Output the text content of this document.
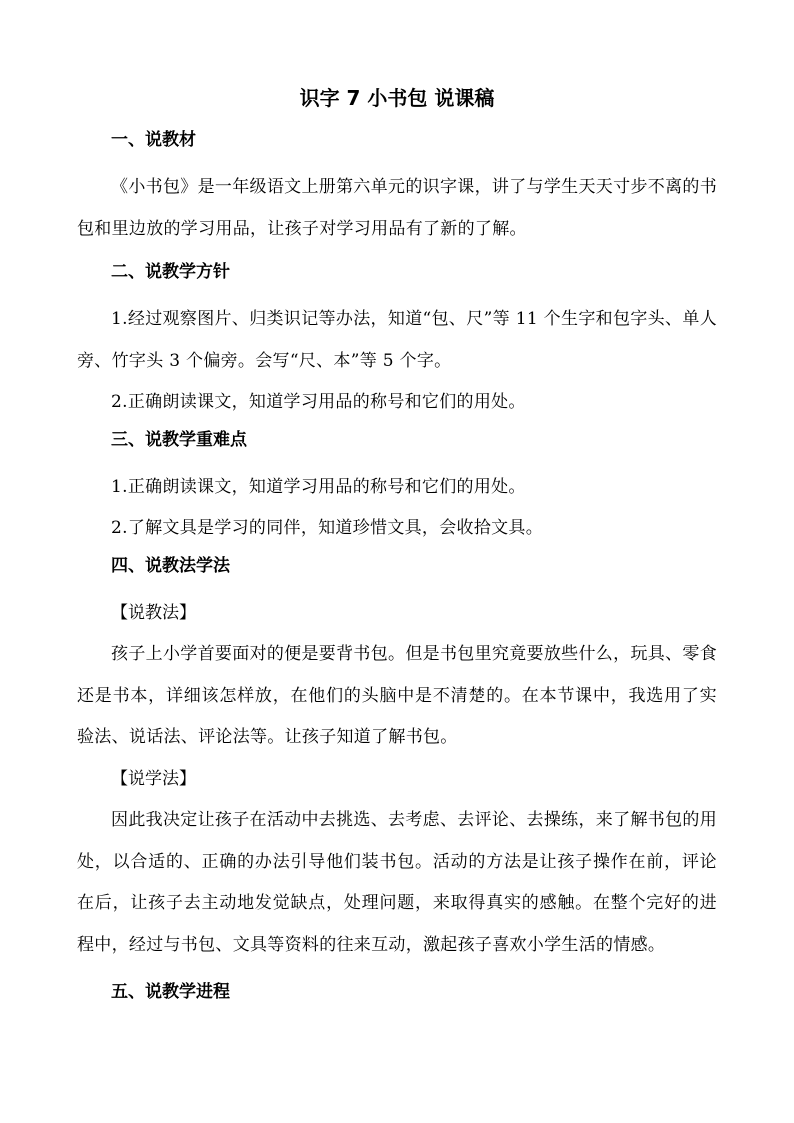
识字 7 小书包 说课稿
一、说教材

《小书包》是一年级语文上册第六单元的识字课，讲了与学生天天寸步不离的书包和里边放的学习用品，让孩子对学习用品有了新的了解。

二、说教学方针

1.经过观察图片、归类识记等办法，知道“包、尺”等 11 个生字和包字头、单人旁、竹字头 3 个偏旁。会写“尺、本”等 5 个字。

2.正确朗读课文，知道学习用品的称号和它们的用处。

三、说教学重难点

1.正确朗读课文，知道学习用品的称号和它们的用处。

2.了解文具是学习的同伴，知道珍惜文具，会收拾文具。

四、说教法学法
【说教法】

孩子上小学首要面对的便是要背书包。但是书包里究竟要放些什么，玩具、零食还是书本，详细该怎样放，在他们的头脑中是不清楚的。在本节课中，我选用了实验法、说话法、评论法等。让孩子知道了解书包。

【说学法】

因此我决定让孩子在活动中去挑选、去考虑、去评论、去操练，来了解书包的用处，以合适的、正确的办法引导他们装书包。活动的方法是让孩子操作在前，评论在后，让孩子去主动地发觉缺点，处理问题，来取得真实的感触。在整个完好的进程中，经过与书包、文具等资料的往来互动，激起孩子喜欢小学生活的情感。

五、说教学进程
